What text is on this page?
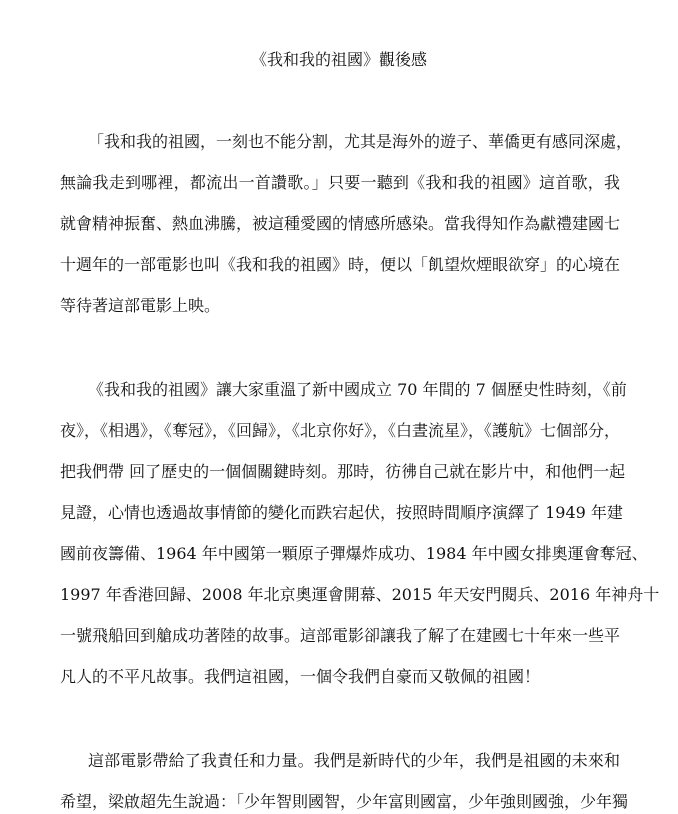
《我和我的祖國》觀後感
「我和我的祖國，一刻也不能分割，尤其是海外的遊子、華僑更有感同深處，
無論我走到哪裡，都流出一首讚歌。」只要一聽到《我和我的祖國》這首歌，我
就會精神振奮、熱血沸騰，被這種愛國的情感所感染。當我得知作為獻禮建國七
十週年的一部電影也叫《我和我的祖國》時，便以「飢望炊煙眼欲穿」的心境在
等待著這部電影上映。
《我和我的祖國》讓大家重溫了新中國成立 70 年間的 7 個歷史性時刻，《前
夜》，《相遇》，《奪冠》，《回歸》，《北京你好》，《白晝流星》，《護航》七個部分，
把我們帶 回了歷史的一個個關鍵時刻。那時，彷彿自己就在影片中，和他們一起
見證，心情也透過故事情節的變化而跌宕起伏，按照時間順序演繹了 1949 年建
國前夜籌備、1964 年中國第一顆原子彈爆炸成功、1984 年中國女排奧運會奪冠、
1997 年香港回歸、2008 年北京奧運會開幕、2015 年天安門閱兵、2016 年神舟十
一號飛船回到艙成功著陸的故事。這部電影卻讓我了解了在建國七十年來一些平
凡人的不平凡故事。我們這祖國，一個令我們自豪而又敬佩的祖國！
這部電影帶給了我責任和力量。我們是新時代的少年，我們是祖國的未來和
希望，梁啟超先生說過：「少年智則國智，少年富則國富，少年強則國強，少年獨
